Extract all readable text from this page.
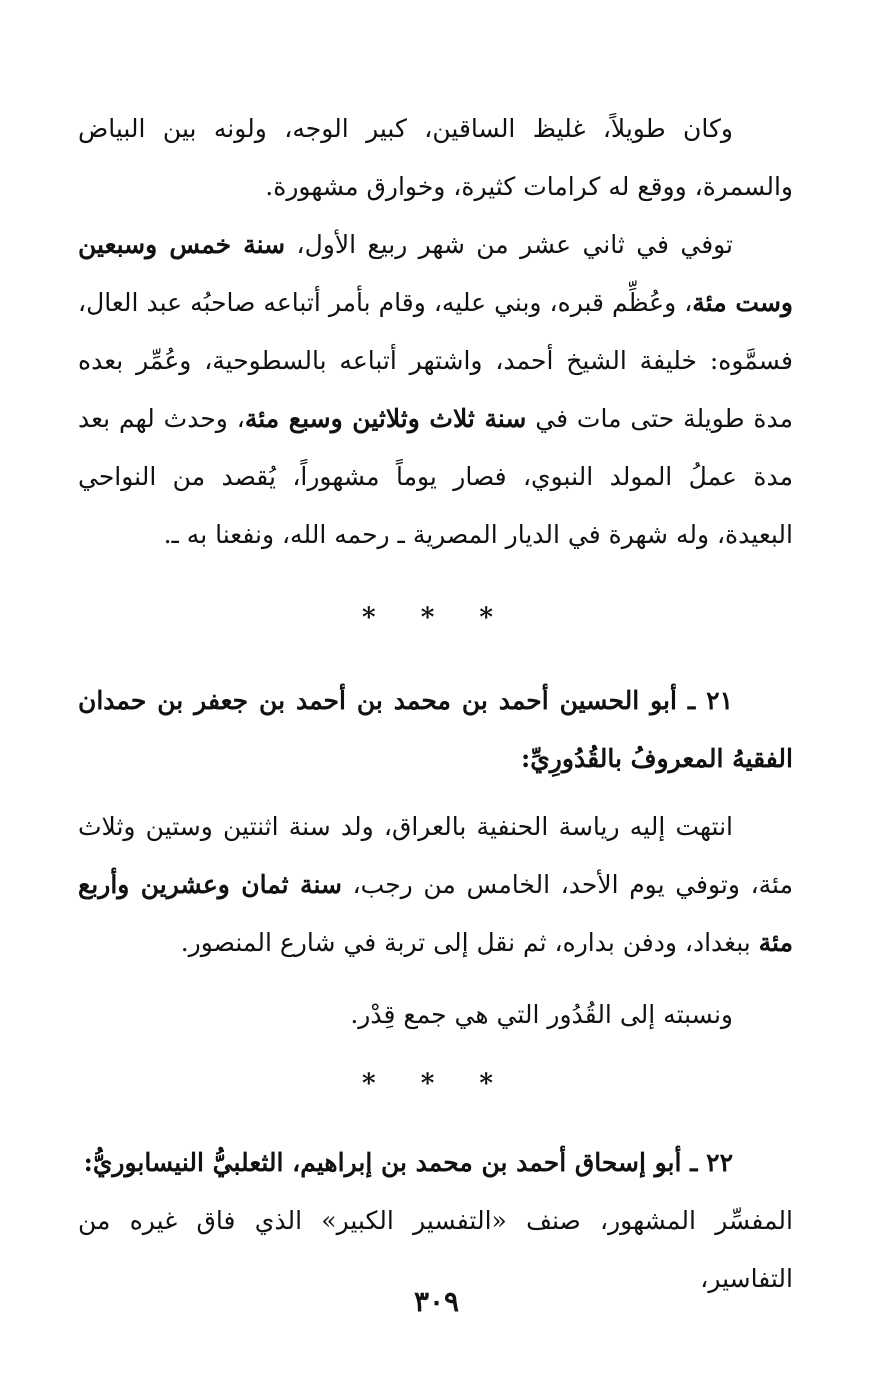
وكان طويلاً، غليظ الساقين، كبير الوجه، ولونه بين البياض والسمرة، ووقع له كرامات كثيرة، وخوارق مشهورة.
توفي في ثاني عشر من شهر ربيع الأول، سنة خمس وسبعين وست مئة، وعُظِّم قبره، وبني عليه، وقام بأمر أتباعه صاحبُه عبد العال، فسمَّوه: خليفة الشيخ أحمد، واشتهر أتباعه بالسطوحية، وعُمِّر بعده مدة طويلة حتى مات في سنة ثلاث وثلاثين وسبع مئة، وحدث لهم بعد مدة عملُ المولد النبوي، فصار يوماً مشهوراً، يُقصد من النواحي البعيدة، وله شهرة في الديار المصرية ـ رحمه الله، ونفعنا به ـ.
* * *
٢١ ـ أبو الحسين أحمد بن محمد بن أحمد بن جعفر بن حمدان الفقيهُ المعروفُ بالقُدُورِيِّ:
انتهت إليه رياسة الحنفية بالعراق، ولد سنة اثنتين وستين وثلاث مئة، وتوفي يوم الأحد، الخامس من رجب، سنة ثمان وعشرين وأربع مئة ببغداد، ودفن بداره، ثم نقل إلى تربة في شارع المنصور.
ونسبته إلى القُدُور التي هي جمع قِدْر.
* * *
٢٢ ـ أبو إسحاق أحمد بن محمد بن إبراهيم، الثعلبيُّ النيسابوريُّ:
المفسِّر المشهور، صنف «التفسير الكبير» الذي فاق غيره من التفاسير،
٣٠٩
